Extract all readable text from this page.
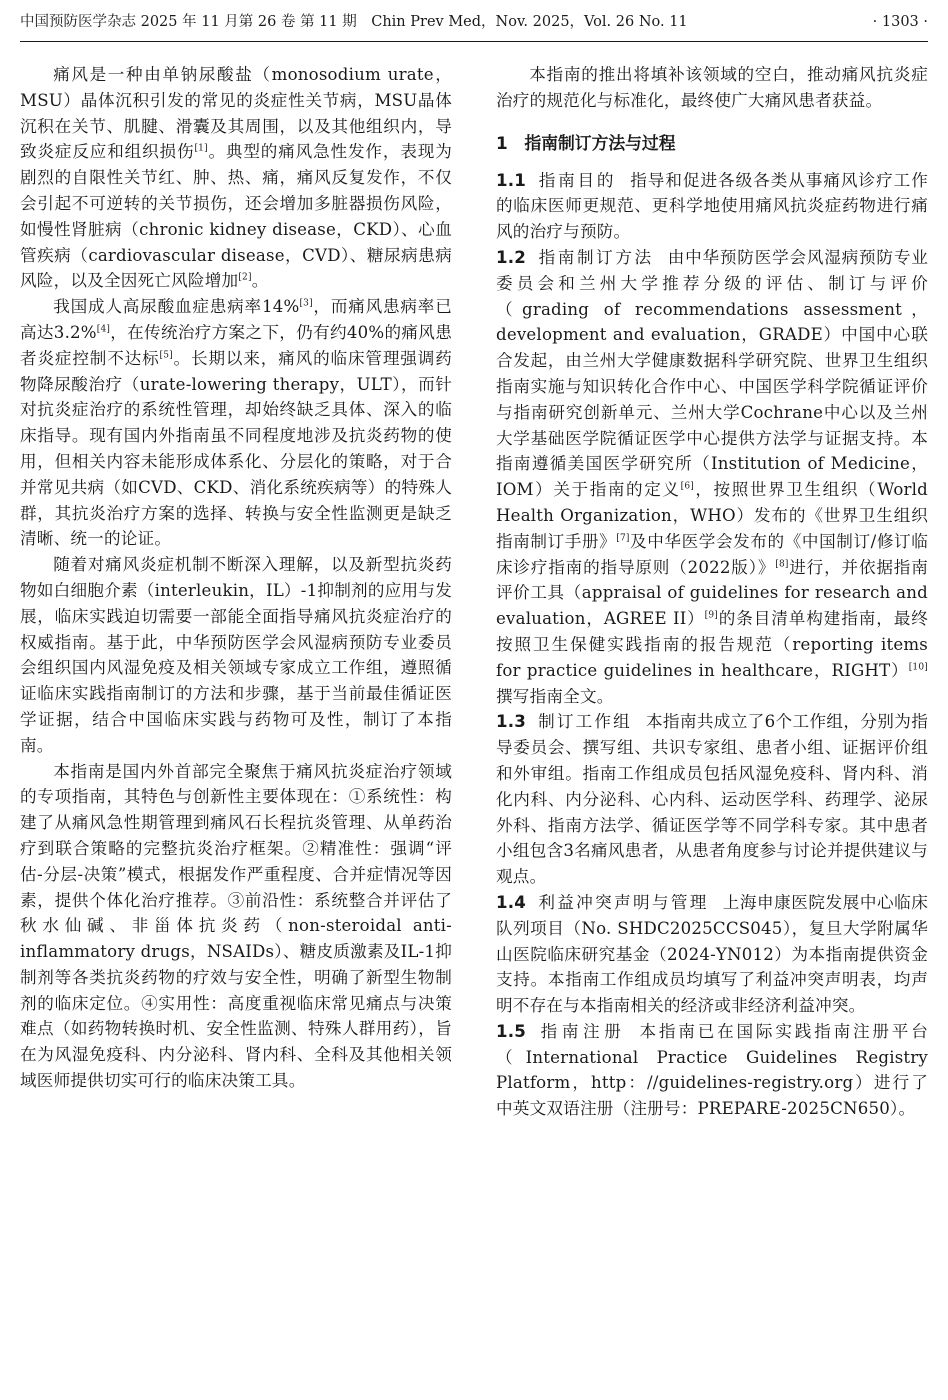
中国预防医学杂志 2025 年 11 月第 26 卷 第 11 期　 Chin Prev Med，Nov. 2025，Vol. 26 No. 11	· 1303 ·

痛风是一种由单钠尿酸盐（monosodium urate，MSU）晶体沉积引发的常见的炎症性关节病，MSU晶体沉积在关节、肌腱、滑囊及其周围，以及其他组织内，导致炎症反应和组织损伤[1]。典型的痛风急性发作，表现为剧烈的自限性关节红、肿、热、痛，痛风反复发作，不仅会引起不可逆转的关节损伤，还会增加多脏器损伤风险，如慢性肾脏病（chronic kidney disease，CKD）、心血管疾病（cardiovascular disease，CVD）、糖尿病患病风险，以及全因死亡风险增加[2]。

我国成人高尿酸血症患病率14%[3]，而痛风患病率已高达3.2%[4]，在传统治疗方案之下，仍有约40%的痛风患者炎症控制不达标[5]。长期以来，痛风的临床管理强调药物降尿酸治疗（urate-lowering therapy，ULT），而针对抗炎症治疗的系统性管理，却始终缺乏具体、深入的临床指导。现有国内外指南虽不同程度地涉及抗炎药物的使用，但相关内容未能形成体系化、分层化的策略，对于合并常见共病（如CVD、CKD、消化系统疾病等）的特殊人群，其抗炎治疗方案的选择、转换与安全性监测更是缺乏清晰、统一的论证。

随着对痛风炎症机制不断深入理解，以及新型抗炎药物如白细胞介素（interleukin，IL）-1抑制剂的应用与发展，临床实践迫切需要一部能全面指导痛风抗炎症治疗的权威指南。基于此，中华预防医学会风湿病预防专业委员会组织国内风湿免疫及相关领域专家成立工作组，遵照循证临床实践指南制订的方法和步骤，基于当前最佳循证医学证据，结合中国临床实践与药物可及性，制订了本指南。

本指南是国内外首部完全聚焦于痛风抗炎症治疗领域的专项指南，其特色与创新性主要体现在：①系统性：构建了从痛风急性期管理到痛风石长程抗炎管理、从单药治疗到联合策略的完整抗炎治疗框架。②精准性：强调“评估-分层-决策”模式，根据发作严重程度、合并症情况等因素，提供个体化治疗推荐。③前沿性：系统整合并评估了秋水仙碱、非甾体抗炎药（non-steroidal anti-inflammatory drugs，NSAIDs）、糖皮质激素及IL-1抑制剂等各类抗炎药物的疗效与安全性，明确了新型生物制剂的临床定位。④实用性：高度重视临床常见痛点与决策难点（如药物转换时机、安全性监测、特殊人群用药），旨在为风湿免疫科、内分泌科、肾内科、全科及其他相关领域医师提供切实可行的临床决策工具。

本指南的推出将填补该领域的空白，推动痛风抗炎症治疗的规范化与标准化，最终使广大痛风患者获益。

1　指南制订方法与过程

1.1 指南目的 指导和促进各级各类从事痛风诊疗工作的临床医师更规范、更科学地使用痛风抗炎症药物进行痛风的治疗与预防。

1.2 指南制订方法 由中华预防医学会风湿病预防专业委员会和兰州大学推荐分级的评估、制订与评价（grading of recommendations assessment，development and evaluation，GRADE）中国中心联合发起，由兰州大学健康数据科学研究院、世界卫生组织指南实施与知识转化合作中心、中国医学科学院循证评价与指南研究创新单元、兰州大学Cochrane中心以及兰州大学基础医学院循证医学中心提供方法学与证据支持。本指南遵循美国医学研究所（Institution of Medicine，IOM）关于指南的定义[6]，按照世界卫生组织（World Health Organization，WHO）发布的《世界卫生组织指南制订手册》[7]及中华医学会发布的《中国制订/修订临床诊疗指南的指导原则（2022版）》[8]进行，并依据指南评价工具（appraisal of guidelines for research and evaluation，AGREE II）[9]的条目清单构建指南，最终按照卫生保健实践指南的报告规范（reporting items for practice guidelines in healthcare，RIGHT）[10]撰写指南全文。

1.3 制订工作组 本指南共成立了6个工作组，分别为指导委员会、撰写组、共识专家组、患者小组、证据评价组和外审组。指南工作组成员包括风湿免疫科、肾内科、消化内科、内分泌科、心内科、运动医学科、药理学、泌尿外科、指南方法学、循证医学等不同学科专家。其中患者小组包含3名痛风患者，从患者角度参与讨论并提供建议与观点。

1.4 利益冲突声明与管理 上海申康医院发展中心临床队列项目（No. SHDC2025CCS045），复旦大学附属华山医院临床研究基金（2024-YN012）为本指南提供资金支持。本指南工作组成员均填写了利益冲突声明表，均声明不存在与本指南相关的经济或非经济利益冲突。

1.5 指南注册 本指南已在国际实践指南注册平台（International Practice Guidelines Registry Platform，http：//guidelines-registry.org）进行了中英文双语注册（注册号：PREPARE-2025CN650）。
